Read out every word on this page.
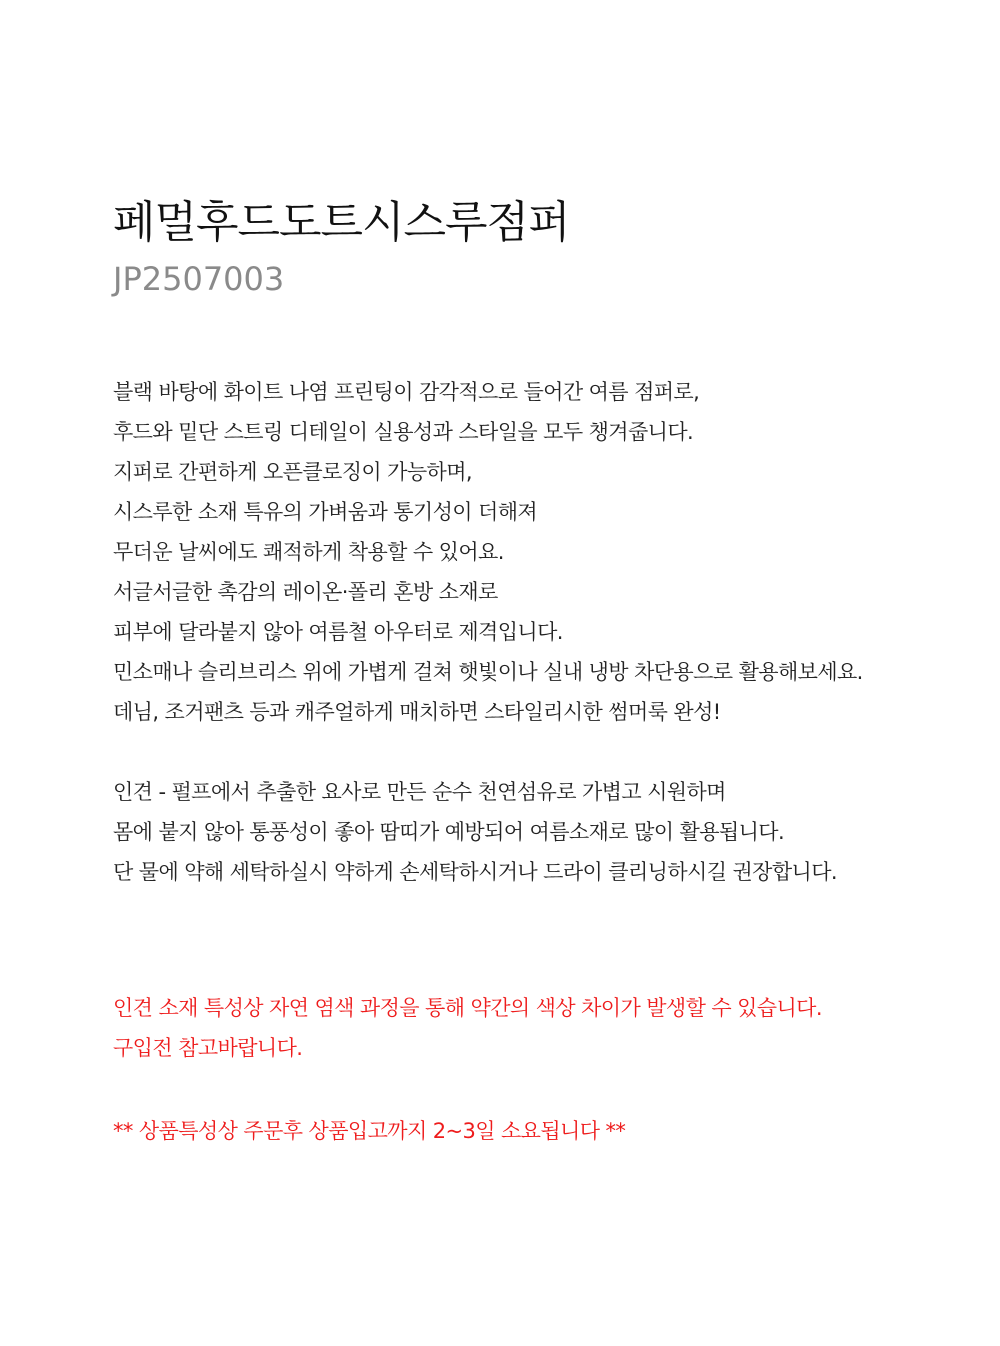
페멀후드도트시스루점퍼
JP2507003
블랙 바탕에 화이트 나염 프린팅이 감각적으로 들어간 여름 점퍼로,
후드와 밑단 스트링 디테일이 실용성과 스타일을 모두 챙겨줍니다.
지퍼로 간편하게 오픈클로징이 가능하며,
시스루한 소재 특유의 가벼움과 통기성이 더해져
무더운 날씨에도 쾌적하게 착용할 수 있어요.
서글서글한 촉감의 레이온·폴리 혼방 소재로
피부에 달라붙지 않아 여름철 아우터로 제격입니다.
민소매나 슬리브리스 위에 가볍게 걸쳐 햇빛이나 실내 냉방 차단용으로 활용해보세요.
데님, 조거팬츠 등과 캐주얼하게 매치하면 스타일리시한 썸머룩 완성!
인견 - 펄프에서 추출한 요사로 만든 순수 천연섬유로 가볍고 시원하며
몸에 붙지 않아 통풍성이 좋아 땀띠가 예방되어 여름소재로 많이 활용됩니다.
단 물에 약해 세탁하실시 약하게 손세탁하시거나 드라이 클리닝하시길 권장합니다.
인견 소재 특성상 자연 염색 과정을 통해 약간의 색상 차이가 발생할 수 있습니다.
구입전 참고바랍니다.
** 상품특성상 주문후 상품입고까지 2~3일 소요됩니다 **
